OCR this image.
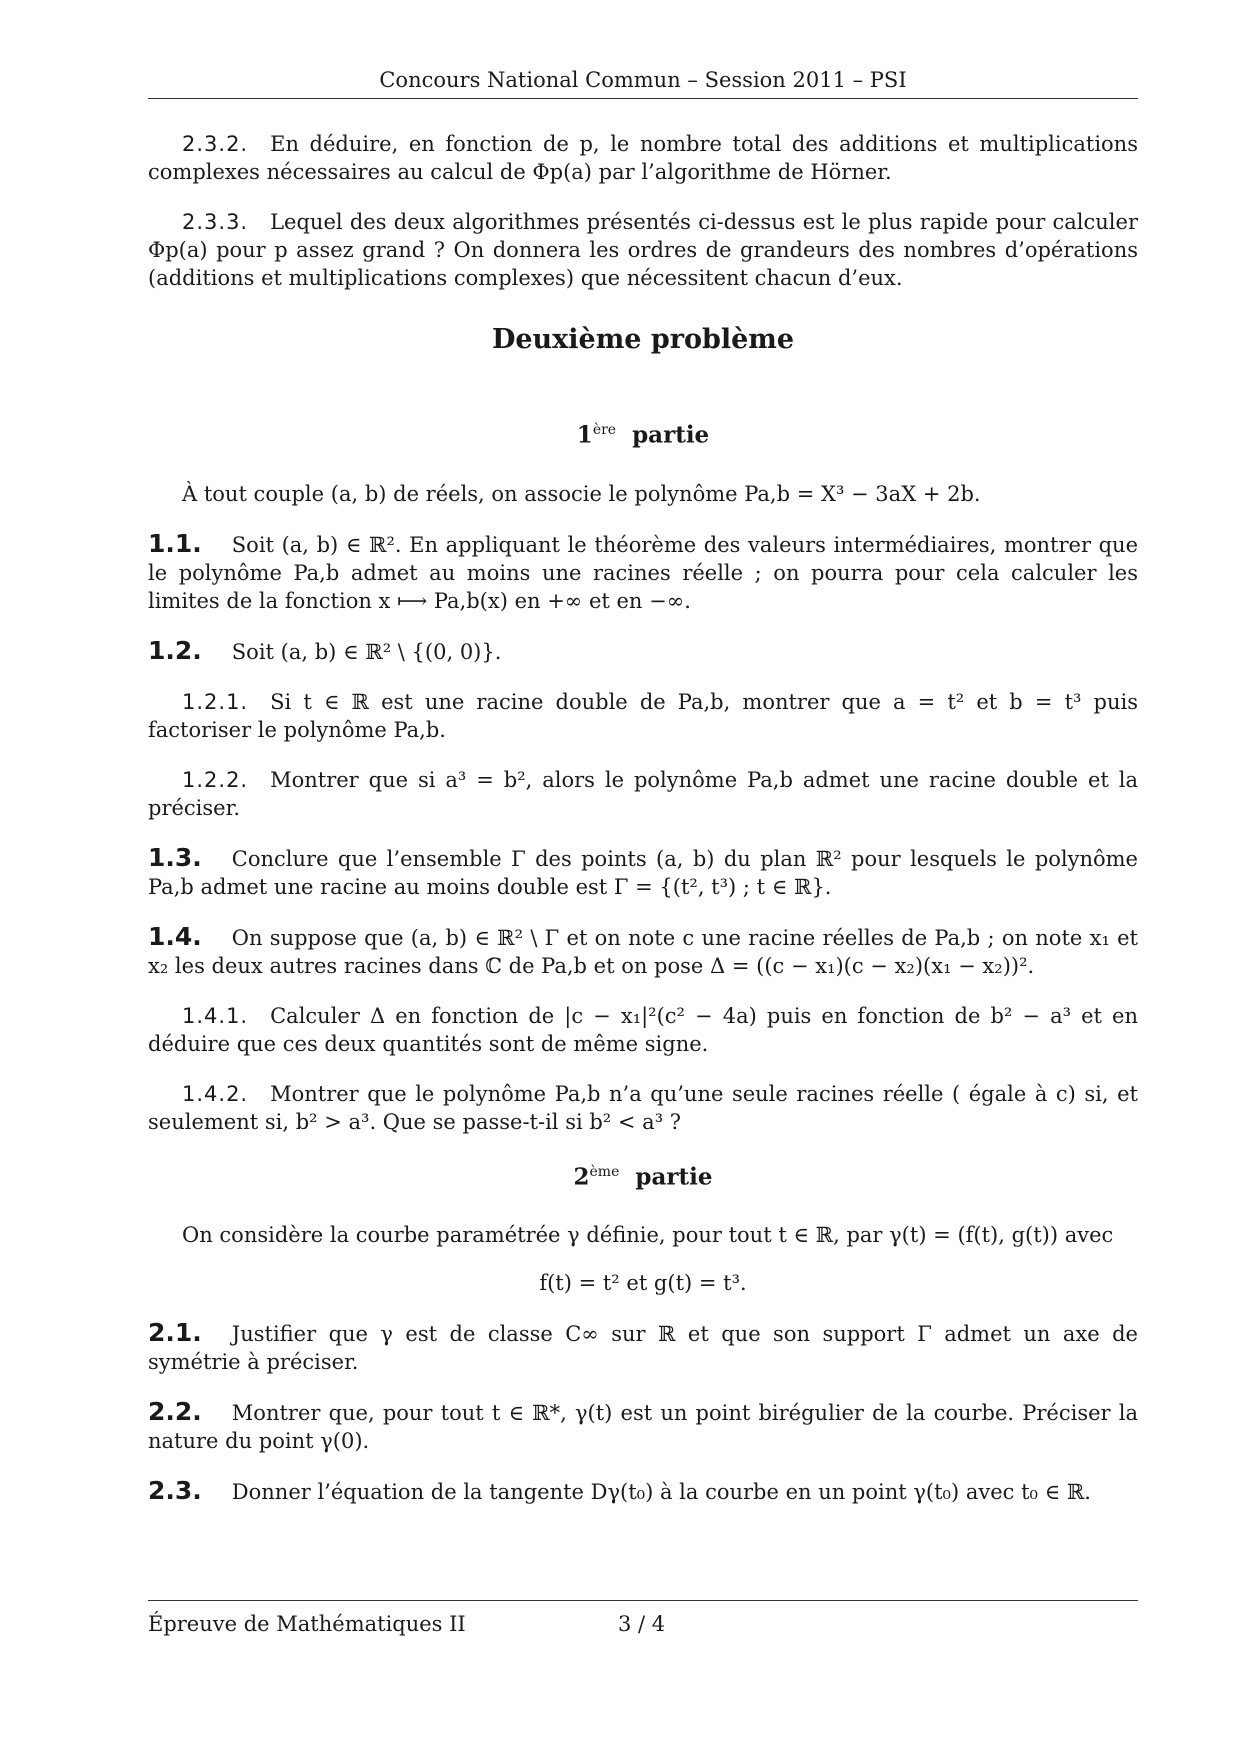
Concours National Commun – Session 2011 – PSI

2.3.2. En déduire, en fonction de p, le nombre total des additions et multiplications complexes nécessaires au calcul de Φp(a) par l’algorithme de Hörner.

2.3.3. Lequel des deux algorithmes présentés ci-dessus est le plus rapide pour calculer Φp(a) pour p assez grand ? On donnera les ordres de grandeurs des nombres d’opérations (additions et multiplications complexes) que nécessitent chacun d’eux.

Deuxième problème
1ère partie

À tout couple (a, b) de réels, on associe le polynôme Pa,b = X³ − 3aX + 2b.

1.1. Soit (a, b) ∈ ℝ². En appliquant le théorème des valeurs intermédiaires, montrer que le polynôme Pa,b admet au moins une racines réelle ; on pourra pour cela calculer les limites de la fonction x ⟼ Pa,b(x) en +∞ et en −∞.

1.2. Soit (a, b) ∈ ℝ² \ {(0, 0)}.

1.2.1. Si t ∈ ℝ est une racine double de Pa,b, montrer que a = t² et b = t³ puis factoriser le polynôme Pa,b.

1.2.2. Montrer que si a³ = b², alors le polynôme Pa,b admet une racine double et la préciser.

1.3. Conclure que l’ensemble Γ des points (a, b) du plan ℝ² pour lesquels le polynôme Pa,b admet une racine au moins double est Γ = {(t², t³) ; t ∈ ℝ}.

1.4. On suppose que (a, b) ∈ ℝ² \ Γ et on note c une racine réelles de Pa,b ; on note x₁ et x₂ les deux autres racines dans ℂ de Pa,b et on pose Δ = ((c − x₁)(c − x₂)(x₁ − x₂))².

1.4.1. Calculer Δ en fonction de |c − x₁|²(c² − 4a) puis en fonction de b² − a³ et en déduire que ces deux quantités sont de même signe.

1.4.2. Montrer que le polynôme Pa,b n’a qu’une seule racines réelle ( égale à c) si, et seulement si, b² > a³. Que se passe-t-il si b² < a³ ?

2ème partie

On considère la courbe paramétrée γ définie, pour tout t ∈ ℝ, par γ(t) = (f(t), g(t)) avec

f(t) = t² et g(t) = t³.

2.1. Justifier que γ est de classe C∞ sur ℝ et que son support Γ admet un axe de symétrie à préciser.

2.2. Montrer que, pour tout t ∈ ℝ*, γ(t) est un point birégulier de la courbe. Préciser la nature du point γ(0).

2.3. Donner l’équation de la tangente Dγ(t₀) à la courbe en un point γ(t₀) avec t₀ ∈ ℝ.

Épreuve de Mathématiques II	3 / 4
